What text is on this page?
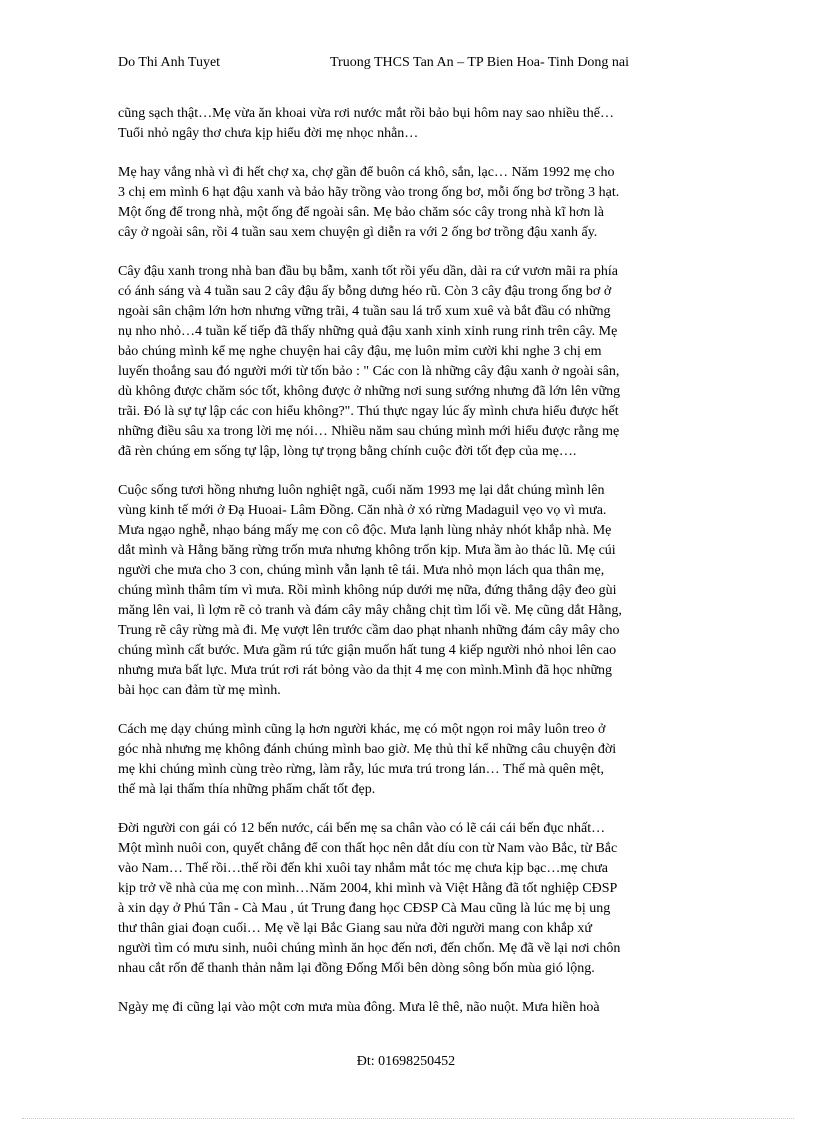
Do Thi Anh Tuyet	Truong THCS Tan An – TP Bien Hoa- Tinh Dong nai

cũng sạch thật…Mẹ vừa ăn khoai vừa rơi nước mắt rồi bảo bụi hôm nay sao nhiều thế…
Tuổi nhỏ ngây thơ chưa kịp hiểu đời mẹ nhọc nhằn…

Mẹ hay vắng nhà vì đi hết chợ xa, chợ gần để buôn cá khô, sắn, lạc… Năm 1992 mẹ cho
3 chị em mình 6 hạt đậu xanh và bảo hãy trồng vào trong ống bơ, mỗi ống bơ trồng 3 hạt.
Một ống để trong nhà, một ống để ngoài sân. Mẹ bảo chăm sóc cây trong nhà kĩ hơn là
cây ở ngoài sân, rồi 4 tuần sau xem chuyện gì diễn ra với 2 ống bơ trồng đậu xanh ấy.

Cây đậu xanh trong nhà ban đầu bụ bẫm, xanh tốt rồi yếu dần, dài ra cứ vươn mãi ra phía
có ánh sáng và 4 tuần sau 2 cây đậu ấy bỗng dưng héo rũ. Còn 3 cây đậu trong ống bơ ở
ngoài sân chậm lớn hơn nhưng vững trãi, 4 tuần sau lá trổ xum xuê và bắt đầu có những
nụ nho nhỏ…4 tuần kế tiếp đã thấy những quả đậu xanh xinh xinh rung rinh trên cây. Mẹ
bảo chúng mình kể mẹ nghe chuyện hai cây đậu, mẹ luôn mỉm cười khi nghe 3 chị em
luyến thoắng sau đó người mới từ tốn bảo : " Các con là những cây đậu xanh ở ngoài sân,
dù không được chăm sóc tốt, không được ở những nơi sung sướng nhưng đã lớn lên vững
trãi. Đó là sự tự lập các con hiểu không?". Thú thực ngay lúc ấy mình chưa hiểu được hết
những điều sâu xa trong lời mẹ nói… Nhiều năm sau chúng mình mới hiểu được rằng mẹ
đã rèn chúng em sống tự lập, lòng tự trọng bằng chính cuộc đời tốt đẹp của mẹ….

Cuộc sống tươi hồng nhưng luôn nghiệt ngã, cuối năm 1993 mẹ lại dắt chúng mình lên
vùng kinh tế mới ở Đạ Huoai- Lâm Đồng. Căn nhà ở xó rừng Madaguil vẹo vọ vì mưa.
Mưa ngạo nghễ, nhạo báng mấy mẹ con cô độc. Mưa lạnh lùng nhảy nhót khắp nhà. Mẹ
dắt mình và Hằng băng rừng trốn mưa nhưng không trốn kịp. Mưa ầm ào thác lũ. Mẹ cúi
người che mưa cho 3 con, chúng mình vẫn lạnh tê tái. Mưa nhỏ mọn lách qua thân mẹ,
chúng mình thâm tím vì mưa. Rồi mình không núp dưới mẹ nữa, đứng thẳng dậy đeo gùi
măng lên vai, lì lợm rẽ cỏ tranh và đám cây mây chằng chịt tìm lối về. Mẹ cũng dắt Hằng,
Trung rẽ cây rừng mà đi. Mẹ vượt lên trước cầm dao phạt nhanh những đám cây mây cho
chúng mình cất bước. Mưa gầm rú tức giận muốn hất tung 4 kiếp người nhỏ nhoi lên cao
nhưng mưa bất lực. Mưa trút rơi rát bỏng vào da thịt 4 mẹ con mình.Mình đã học những
bài học can đảm từ mẹ mình.

Cách mẹ dạy chúng mình cũng lạ hơn người khác, mẹ có một ngọn roi mây luôn treo ở
góc nhà nhưng mẹ không đánh chúng mình bao giờ. Mẹ thủ thỉ kể những câu chuyện đời
mẹ khi chúng mình cùng trèo rừng, làm rẫy, lúc mưa trú trong lán… Thế mà quên mệt,
thế mà lại thấm thía những phẩm chất tốt đẹp.

Đời người con gái có 12 bến nước, cái bến mẹ sa chân vào có lẽ cái cái bến đục nhất…
Một mình nuôi con, quyết chẳng để con thất học nên dắt díu con từ Nam vào Bắc, từ Bắc
vào Nam… Thế rồi…thế rồi đến khi xuôi tay nhắm mắt tóc mẹ chưa kịp bạc…mẹ chưa
kịp trở về nhà của mẹ con mình…Năm 2004, khi mình và Việt Hằng đã tốt nghiệp CĐSP
à xin dạy ở Phú Tân - Cà Mau , út Trung đang học CĐSP Cà Mau cũng là lúc mẹ bị ung
thư thân giai đoạn cuối… Mẹ về lại Bắc Giang sau nửa đời người mang con khắp xứ
người tìm có mưu sinh, nuôi chúng mình ăn học đến nơi, đến chốn. Mẹ đã về lại nơi chôn
nhau cắt rốn để thanh thản nằm lại đồng Đống Mối bên dòng sông bốn mùa gió lộng.

Ngày mẹ đi cũng lại vào một cơn mưa mùa đông. Mưa lê thê, não nuột. Mưa hiền hoà

Đt: 01698250452
